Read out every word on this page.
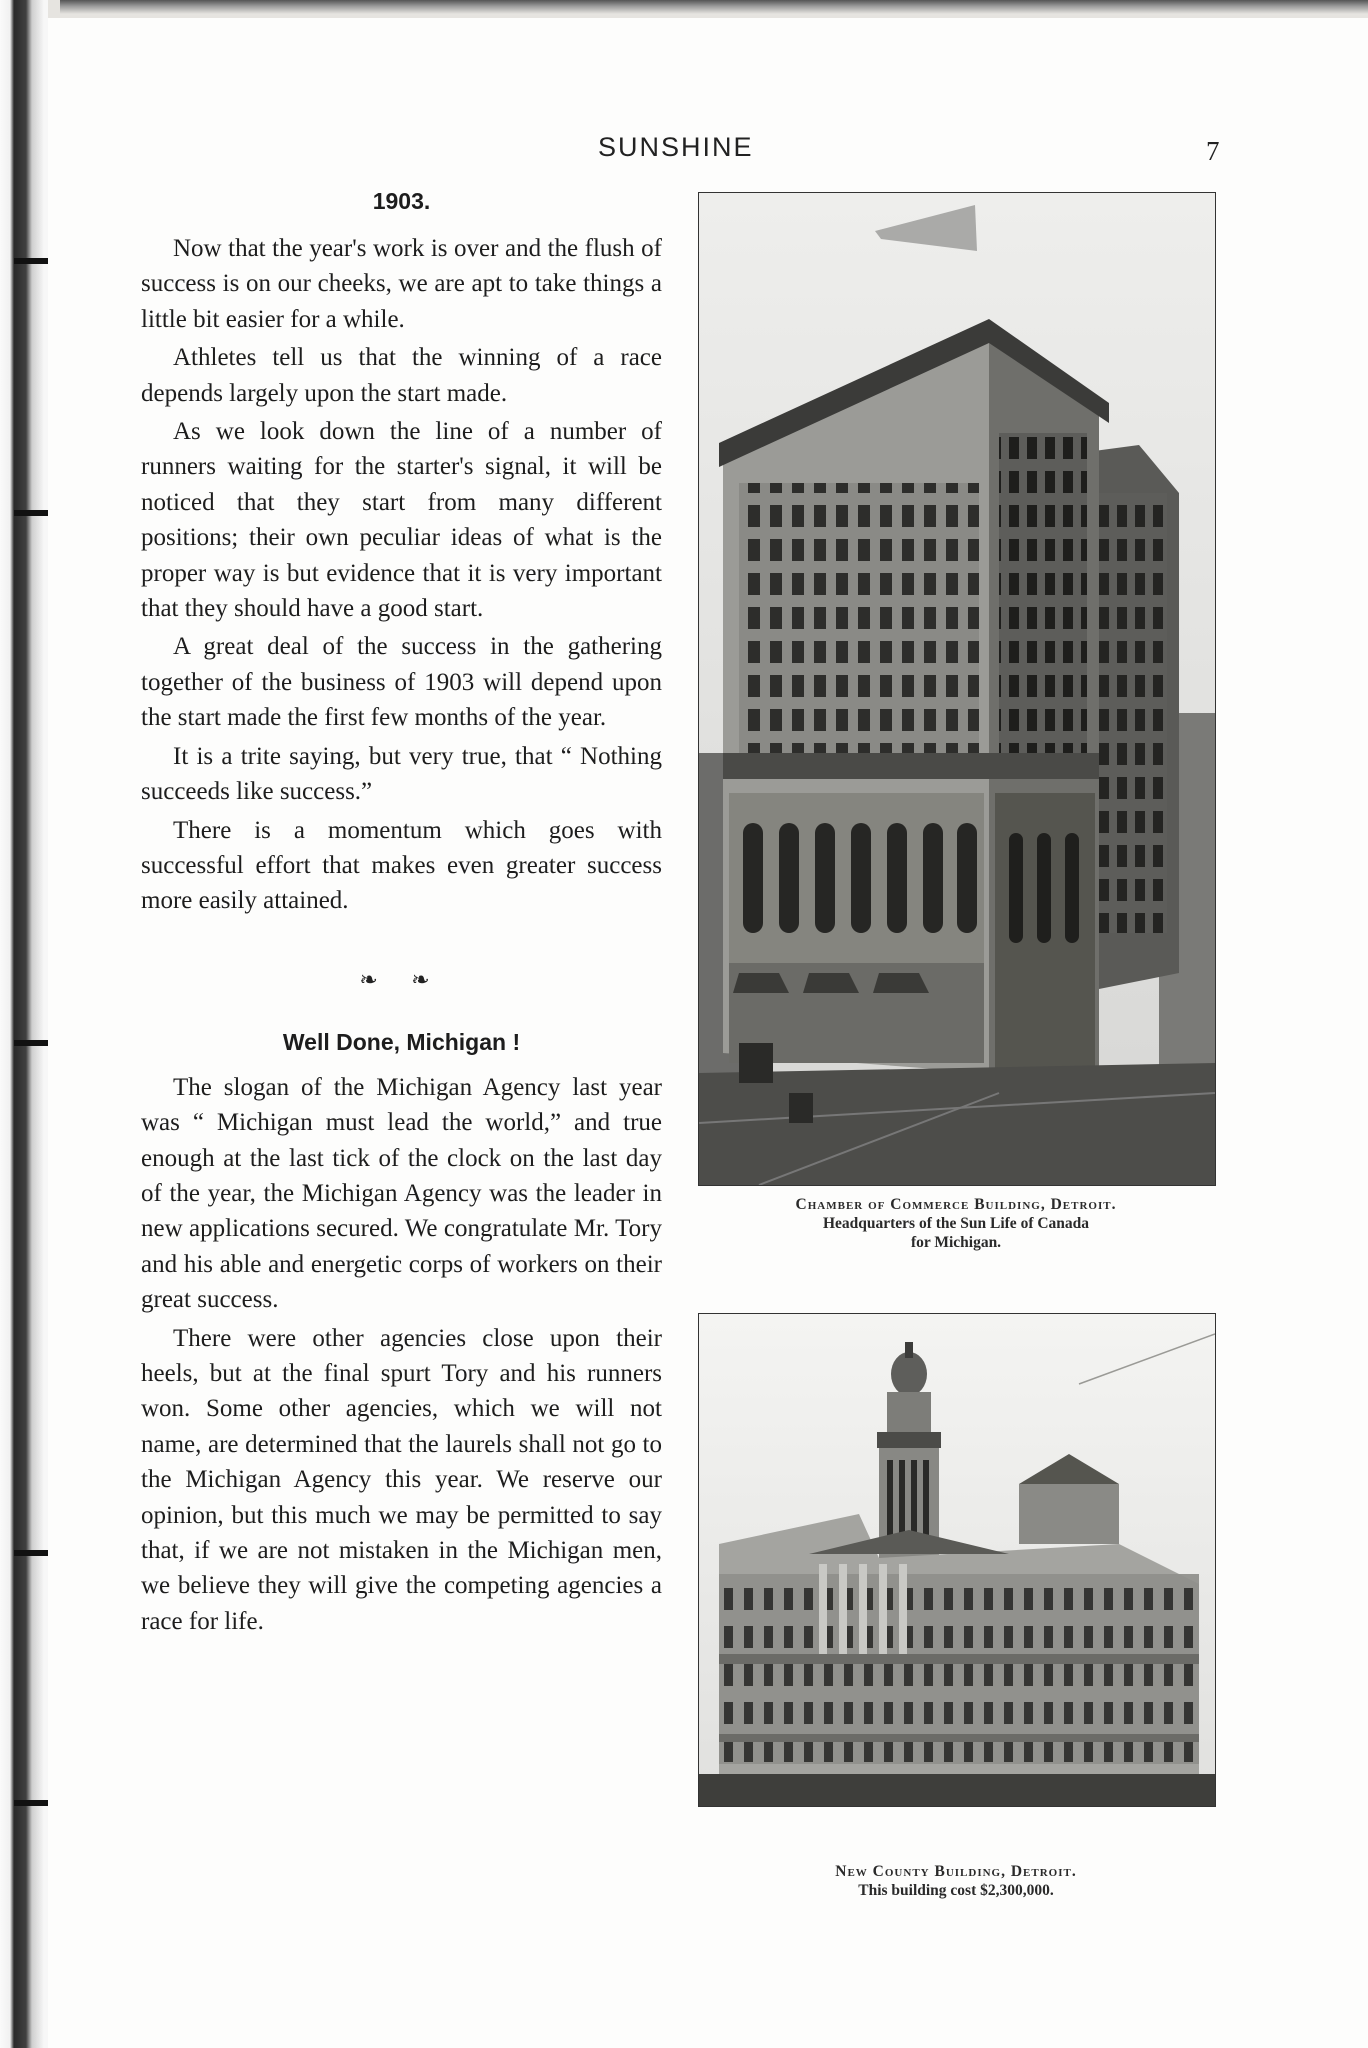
SUNSHINE	7
1903.

Now that the year's work is over and the flush of success is on our cheeks, we are apt to take things a little bit easier for a while.

Athletes tell us that the winning of a race depends largely upon the start made.

As we look down the line of a number of runners waiting for the starter's signal, it will be noticed that they start from many different positions; their own peculiar ideas of what is the proper way is but evidence that it is very important that they should have a good start.

A great deal of the success in the gathering together of the business of 1903 will depend upon the start made the first few months of the year.

It is a trite saying, but very true, that “ Nothing succeeds like success.”

There is a momentum which goes with successful effort that makes even greater success more easily attained.

❧ ❧
Well Done, Michigan !

The slogan of the Michigan Agency last year was “ Michigan must lead the world,” and true enough at the last tick of the clock on the last day of the year, the Michigan Agency was the leader in new applications secured. We congratulate Mr. Tory and his able and energetic corps of workers on their great success.

There were other agencies close upon their heels, but at the final spurt Tory and his runners won. Some other agencies, which we will not name, are determined that the laurels shall not go to the Michigan Agency this year. We reserve our opinion, but this much we may be permitted to say that, if we are not mistaken in the Michigan men, we believe they will give the competing agencies a race for life.

Chamber of Commerce Building, Detroit.
Headquarters of the Sun Life of Canada
for Michigan.
New County Building, Detroit.
This building cost $2,300,000.
